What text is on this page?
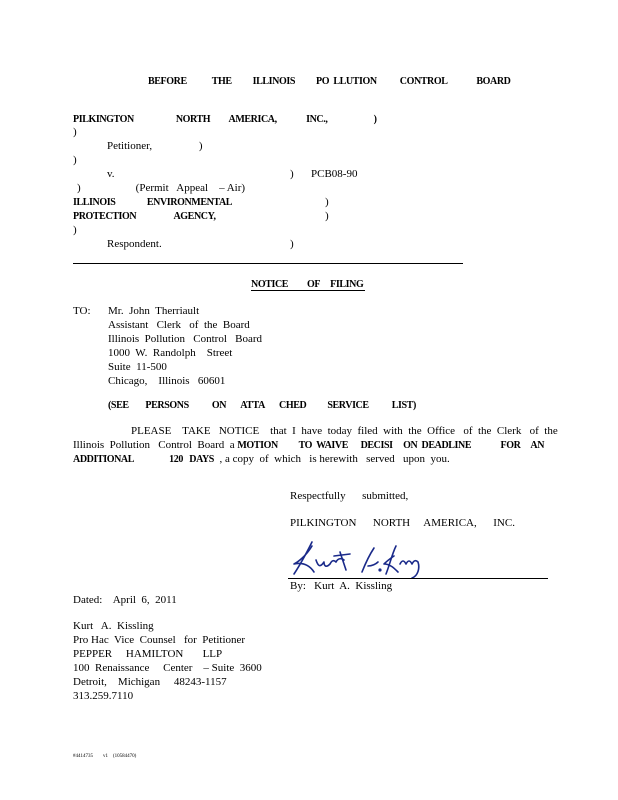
BEFORE            THE          ILLINOIS          PO  LLUTION           CONTROL              BOARD
PILKINGTON                    NORTH         AMERICA,              INC.,                      )
)
Petitioner,                 )
)
v.	) PCB08-90
)                    (Permit   Appeal    – Air)
ILLINOIS               ENVIRONMENTAL	)
PROTECTION                  AGENCY,	)
)
Respondent.	)
NOTICE         OF     FILING
TO: Mr.  John  Therriault
Assistant   Clerk   of  the  Board
Illinois  Pollution   Control   Board
1000  W.  Randolph    Street
Suite  11-500
Chicago,    Illinois   60601
(SEE        PERSONS           ON       ATTA       CHED          SERVICE           LIST)
PLEASE    TAKE   NOTICE    that  I  have  today  filed  with  the  Office   of  the  Clerk   of  the
Illinois  Pollution   Control  Board  a MOTION          TO  WAIVE      DECISI     ON  DEADLINE              FOR     AN
ADDITIONAL                 120   DAYS  , a copy  of  which   is herewith   served   upon  you.
Respectfully      submitted,
PILKINGTON      NORTH     AMERICA,      INC.
By:   Kurt  A.  Kissling
Dated:    April  6,  2011
Kurt   A.  Kissling
Pro Hac  Vice  Counsel   for  Petitioner
PEPPER     HAMILTON       LLP
100  Renaissance     Center    – Suite  3600
Detroit,    Michigan     48243-1157
313.259.7110
#4414735        v1    (10584470)
